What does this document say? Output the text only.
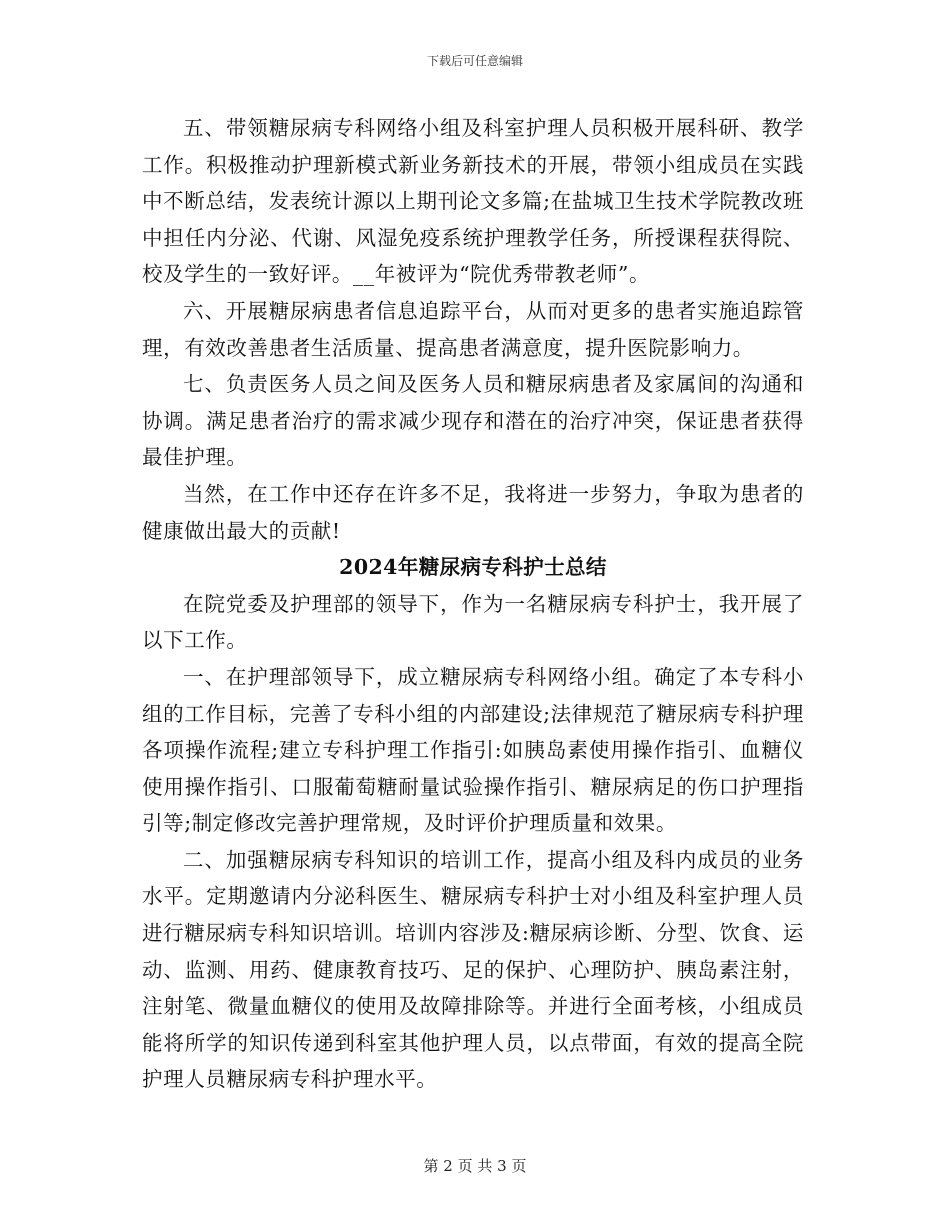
下载后可任意编辑

五、带领糖尿病专科网络小组及科室护理人员积极开展科研、教学工作。积极推动护理新模式新业务新技术的开展，带领小组成员在实践中不断总结，发表统计源以上期刊论文多篇;在盐城卫生技术学院教改班中担任内分泌、代谢、风湿免疫系统护理教学任务，所授课程获得院、校及学生的一致好评。__年被评为“院优秀带教老师”。

六、开展糖尿病患者信息追踪平台，从而对更多的患者实施追踪管理，有效改善患者生活质量、提高患者满意度，提升医院影响力。

七、负责医务人员之间及医务人员和糖尿病患者及家属间的沟通和协调。满足患者治疗的需求减少现存和潜在的治疗冲突，保证患者获得最佳护理。

当然，在工作中还存在许多不足，我将进一步努力，争取为患者的健康做出最大的贡献!

2024年糖尿病专科护士总结

在院党委及护理部的领导下，作为一名糖尿病专科护士，我开展了以下工作。

一、在护理部领导下，成立糖尿病专科网络小组。确定了本专科小组的工作目标，完善了专科小组的内部建设;法律规范了糖尿病专科护理各项操作流程;建立专科护理工作指引:如胰岛素使用操作指引、血糖仪使用操作指引、口服葡萄糖耐量试验操作指引、糖尿病足的伤口护理指引等;制定修改完善护理常规，及时评价护理质量和效果。

二、加强糖尿病专科知识的培训工作，提高小组及科内成员的业务水平。定期邀请内分泌科医生、糖尿病专科护士对小组及科室护理人员进行糖尿病专科知识培训。培训内容涉及:糖尿病诊断、分型、饮食、运动、监测、用药、健康教育技巧、足的保护、心理防护、胰岛素注射，注射笔、微量血糖仪的使用及故障排除等。并进行全面考核，小组成员能将所学的知识传递到科室其他护理人员，以点带面，有效的提高全院护理人员糖尿病专科护理水平。

第 2 页 共 3 页
